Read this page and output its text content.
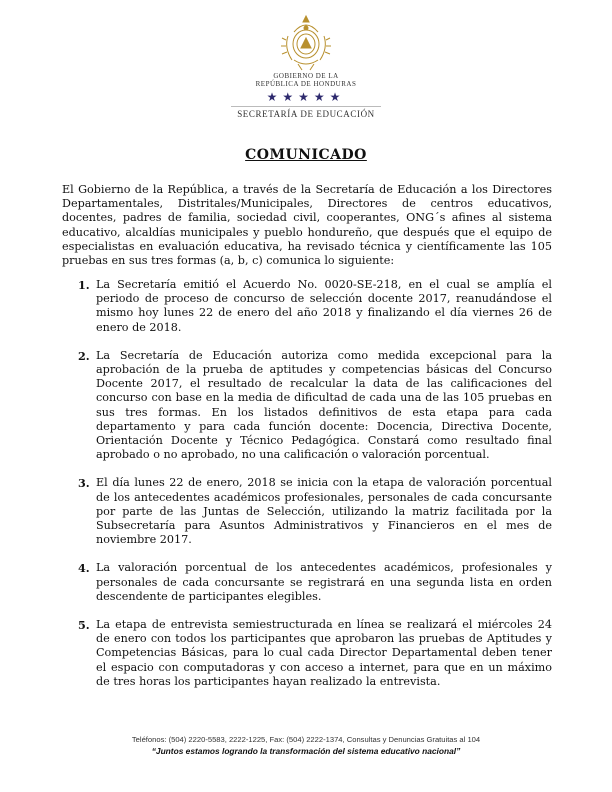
GOBIERNO DE LA
REPÚBLICA DE HONDURAS
★★★★★
SECRETARÍA DE EDUCACIÓN
COMUNICADO

El Gobierno de la República, a través de la Secretaría de Educación a los Directores Departamentales, Distritales/Municipales, Directores de centros educativos, docentes, padres de familia, sociedad civil, cooperantes, ONG´s afines al sistema educativo, alcaldías municipales y pueblo hondureño, que después que el equipo de especialistas en evaluación educativa, ha revisado técnica y científicamente las 105 pruebas en sus tres formas (a, b, c) comunica lo siguiente:

1. La Secretaría emitió el Acuerdo No. 0020-SE-218, en el cual se amplía el periodo de proceso de concurso de selección docente 2017, reanudándose el mismo hoy lunes 22 de enero del año 2018 y finalizando el día viernes 26 de enero de 2018.
2. La Secretaría de Educación autoriza como medida excepcional para la aprobación de la prueba de aptitudes y competencias básicas del Concurso Docente 2017, el resultado de recalcular la data de las calificaciones del concurso con base en la media de dificultad de cada una de las 105 pruebas en sus tres formas. En los listados definitivos de esta etapa para cada departamento y para cada función docente: Docencia, Directiva Docente, Orientación Docente y Técnico Pedagógica. Constará como resultado final aprobado o no aprobado, no una calificación o valoración porcentual.
3. El día lunes 22 de enero, 2018 se inicia con la etapa de valoración porcentual de los antecedentes académicos profesionales, personales de cada concursante por parte de las Juntas de Selección, utilizando la matriz facilitada por la Subsecretaría para Asuntos Administrativos y Financieros en el mes de noviembre 2017.
4. La valoración porcentual de los antecedentes académicos, profesionales y personales de cada concursante se registrará en una segunda lista en orden descendente de participantes elegibles.
5. La etapa de entrevista semiestructurada en línea se realizará el miércoles 24 de enero con todos los participantes que aprobaron las pruebas de Aptitudes y Competencias Básicas, para lo cual cada Director Departamental deben tener el espacio con computadoras y con acceso a internet, para que en un máximo de tres horas los participantes hayan realizado la entrevista.
Teléfonos: (504) 2220-5583, 2222-1225, Fax: (504) 2222-1374, Consultas y Denuncias Gratuitas al 104
“Juntos estamos logrando la transformación del sistema educativo nacional”
